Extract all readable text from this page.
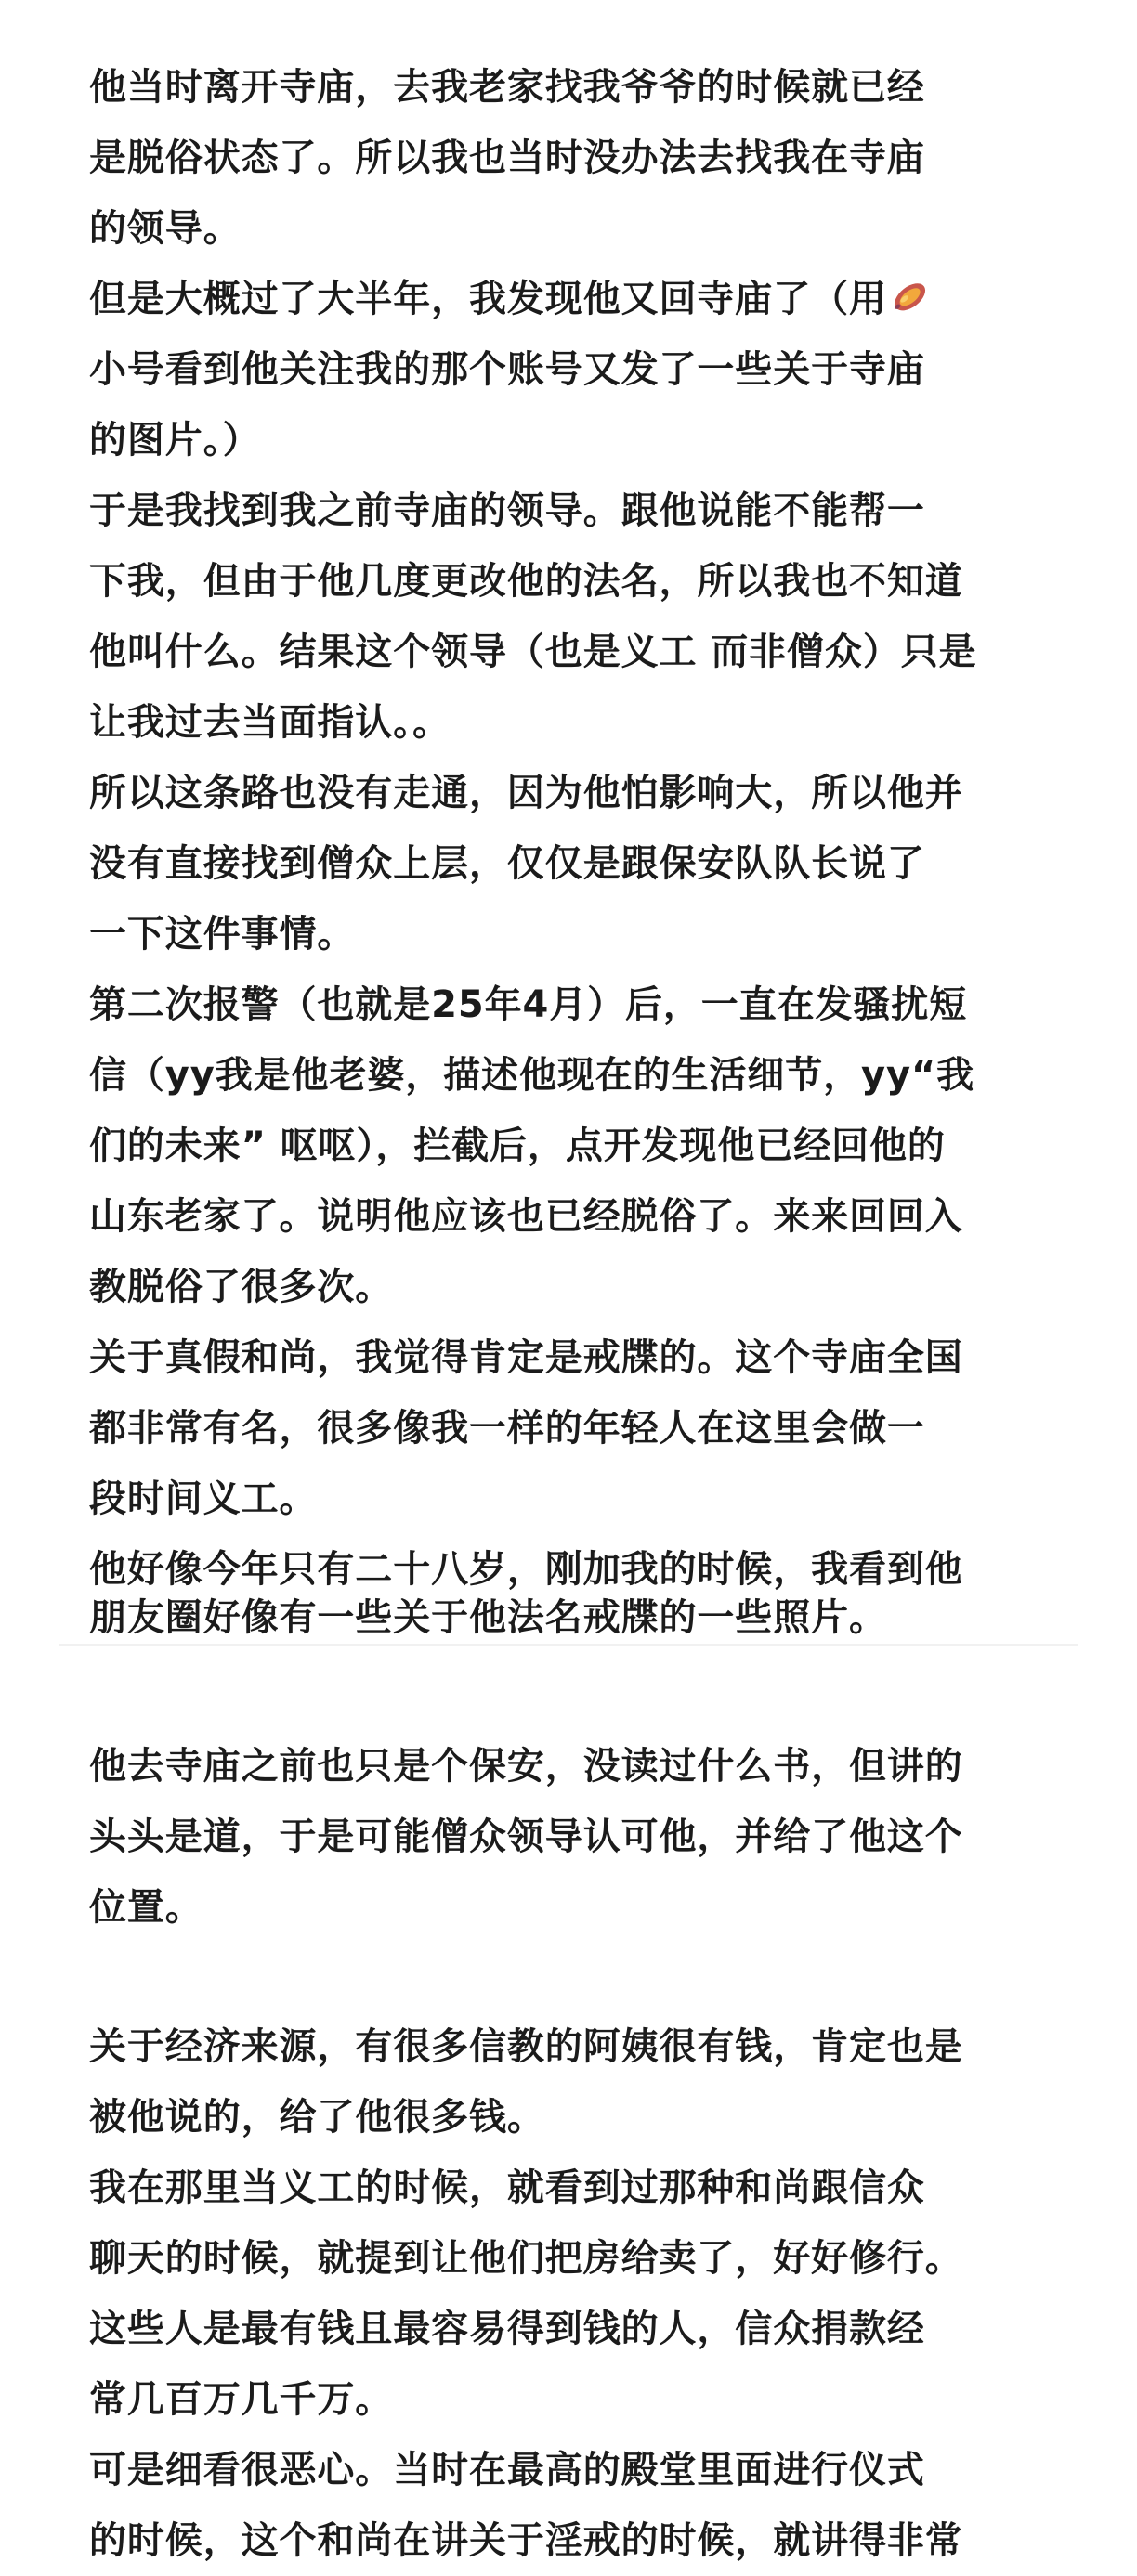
他当时离开寺庙，去我老家找我爷爷的时候就已经
是脱俗状态了。所以我也当时没办法去找我在寺庙
的领导。
但是大概过了大半年，我发现他又回寺庙了（用
小号看到他关注我的那个账号又发了一些关于寺庙
的图片。）
于是我找到我之前寺庙的领导。跟他说能不能帮一
下我，但由于他几度更改他的法名，所以我也不知道
他叫什么。结果这个领导（也是义工 而非僧众）只是
让我过去当面指认。。
所以这条路也没有走通，因为他怕影响大，所以他并
没有直接找到僧众上层，仅仅是跟保安队队长说了
一下这件事情。
第二次报警（也就是25年4月）后，一直在发骚扰短
信（yy我是他老婆，描述他现在的生活细节，yy“我
们的未来” 呕呕），拦截后，点开发现他已经回他的
山东老家了。说明他应该也已经脱俗了。来来回回入
教脱俗了很多次。
关于真假和尚，我觉得肯定是戒牒的。这个寺庙全国
都非常有名，很多像我一样的年轻人在这里会做一
段时间义工。
他好像今年只有二十八岁，刚加我的时候，我看到他
朋友圈好像有一些关于他法名戒牒的一些照片。
他去寺庙之前也只是个保安，没读过什么书，但讲的
头头是道，于是可能僧众领导认可他，并给了他这个
位置。
关于经济来源，有很多信教的阿姨很有钱，肯定也是
被他说的，给了他很多钱。
我在那里当义工的时候，就看到过那种和尚跟信众
聊天的时候，就提到让他们把房给卖了，好好修行。
这些人是最有钱且最容易得到钱的人，信众捐款经
常几百万几千万。
可是细看很恶心。当时在最高的殿堂里面进行仪式
的时候，这个和尚在讲关于淫戒的时候，就讲得非常
